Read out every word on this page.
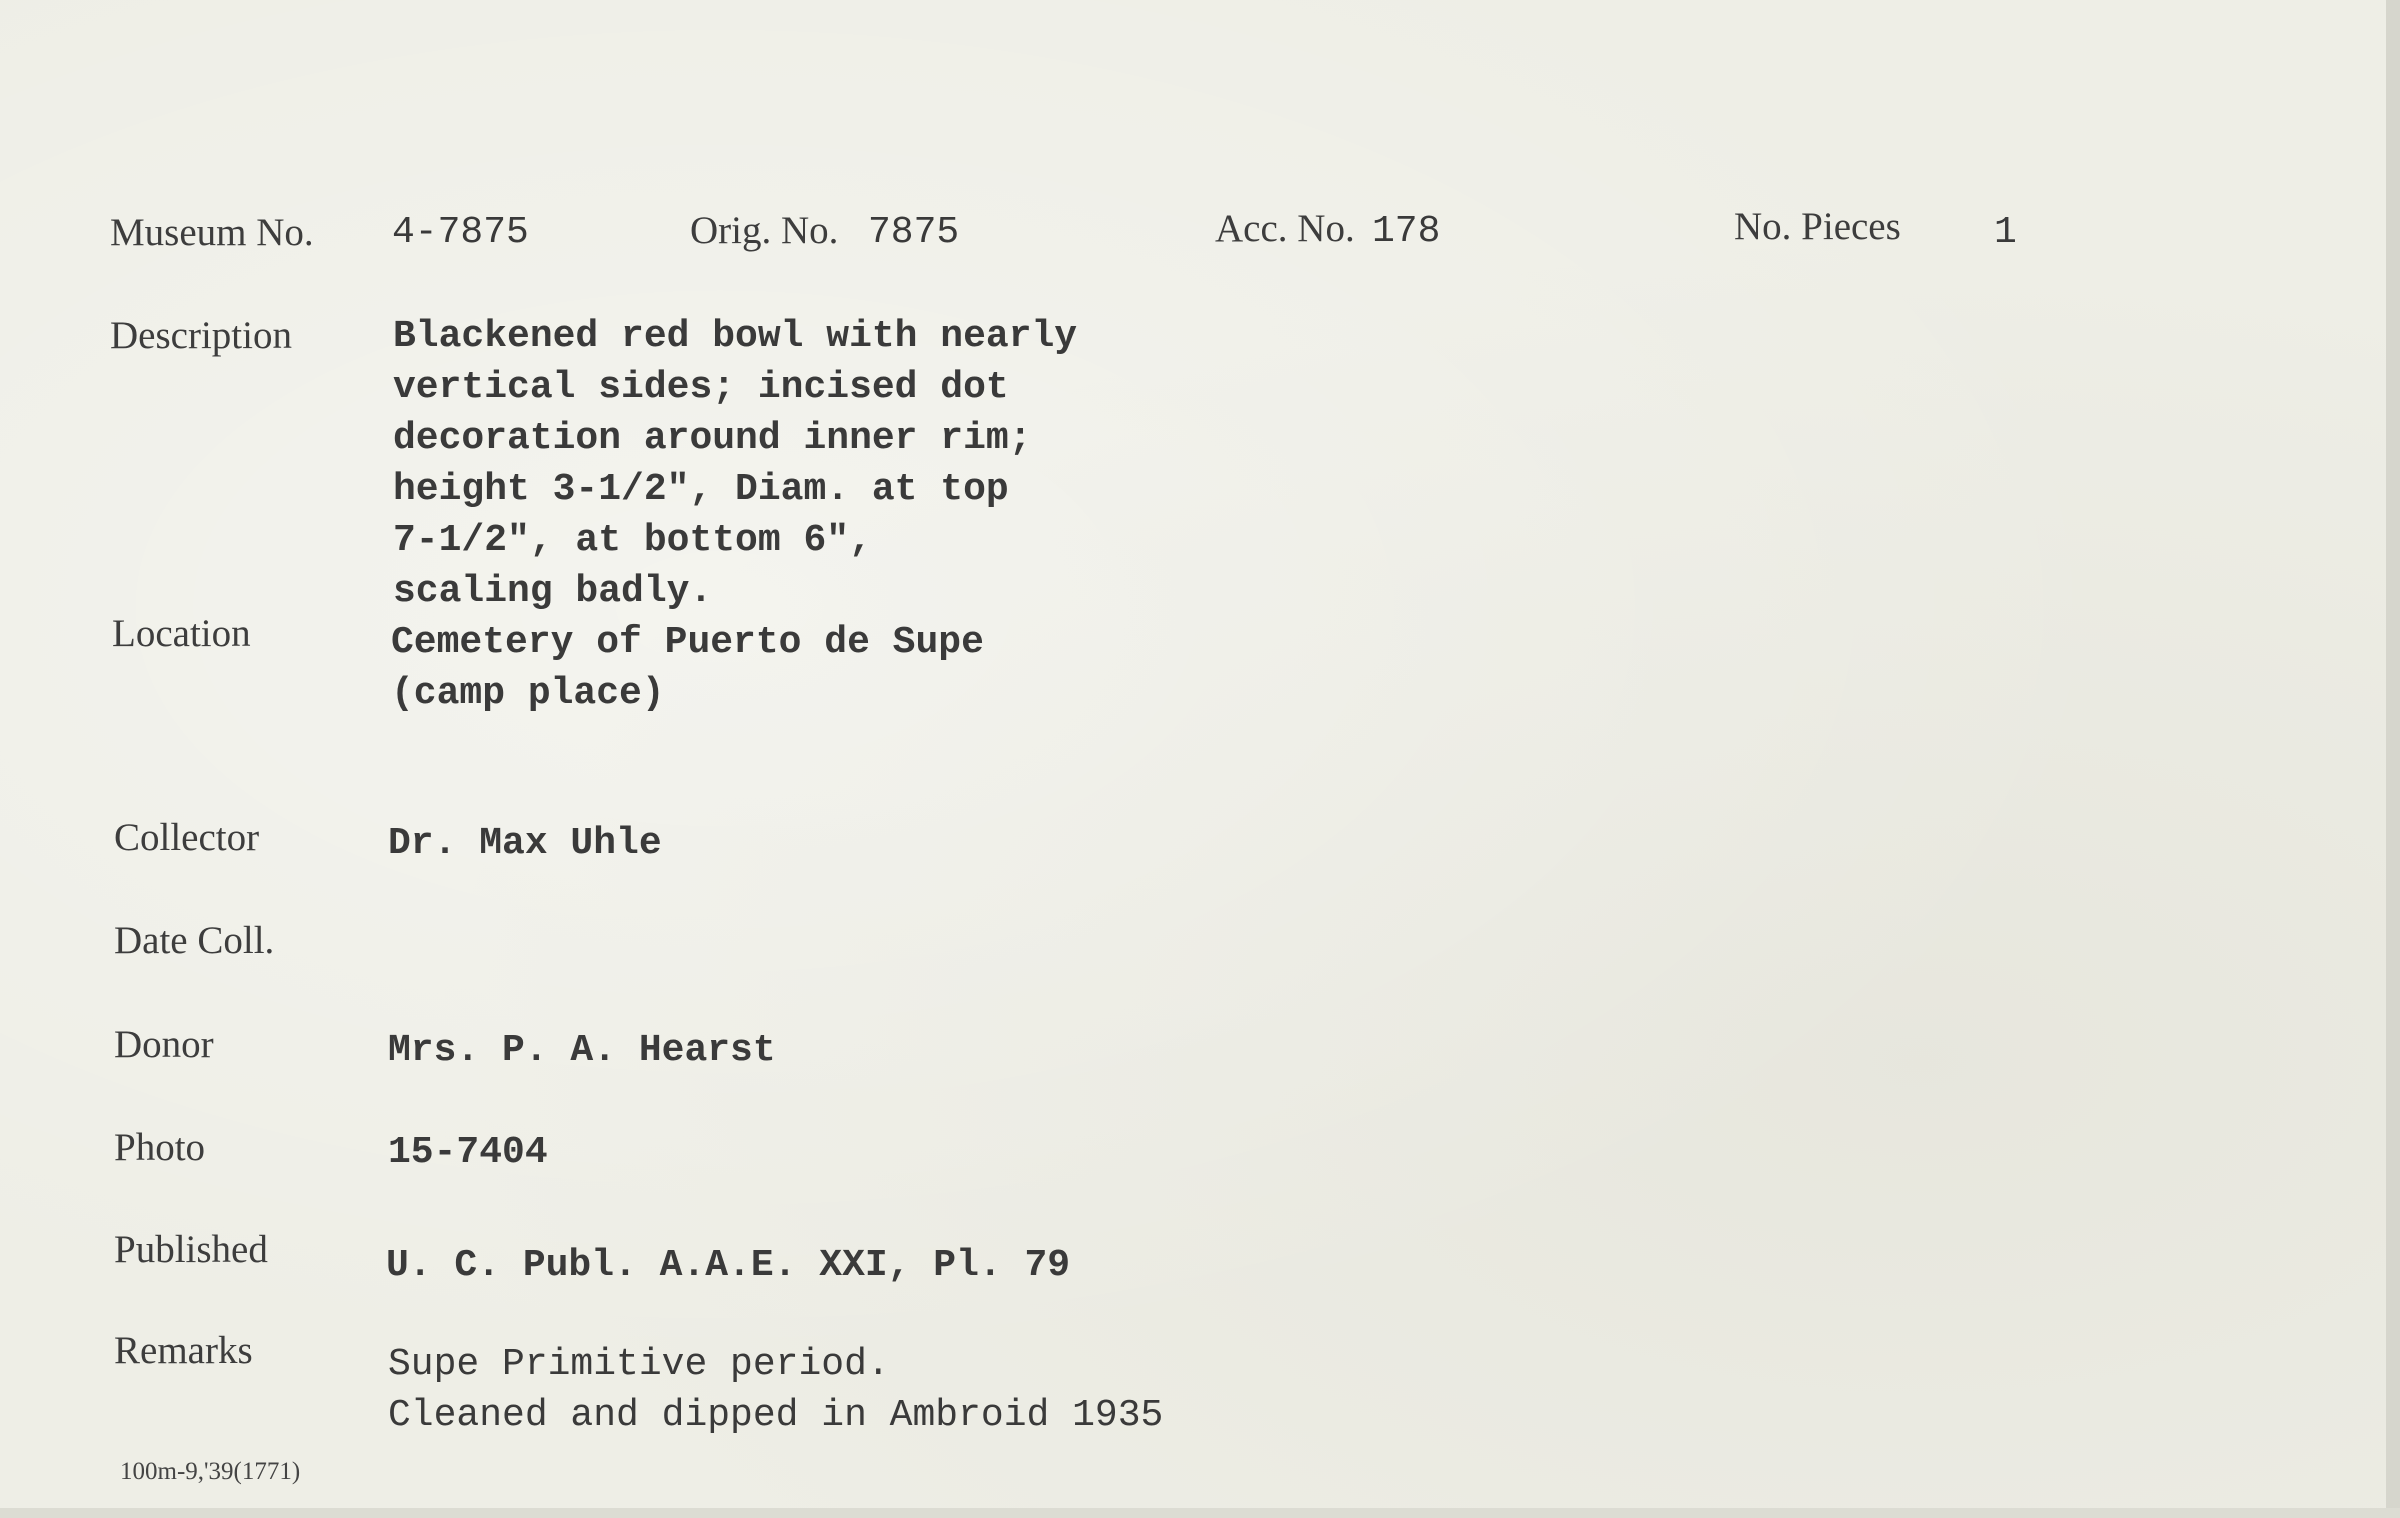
Museum No. 4-7875	Orig. No. 7875	Acc. No. 178	No. Pieces 1
Description	Blackened red bowl with nearly
vertical sides; incised dot
decoration around inner rim;
height 3-1/2", Diam. at top
7-1/2", at bottom 6",
scaling badly.
Location	Cemetery of Puerto de Supe
(camp place)
Collector	Dr. Max Uhle
Date Coll.
Donor	Mrs. P. A. Hearst
Photo	15-7404
Published	U. C. Publ. A.A.E. XXI, Pl. 79
Remarks	Supe Primitive period.
Cleaned and dipped in Ambroid 1935
100m-9,'39(1771)
